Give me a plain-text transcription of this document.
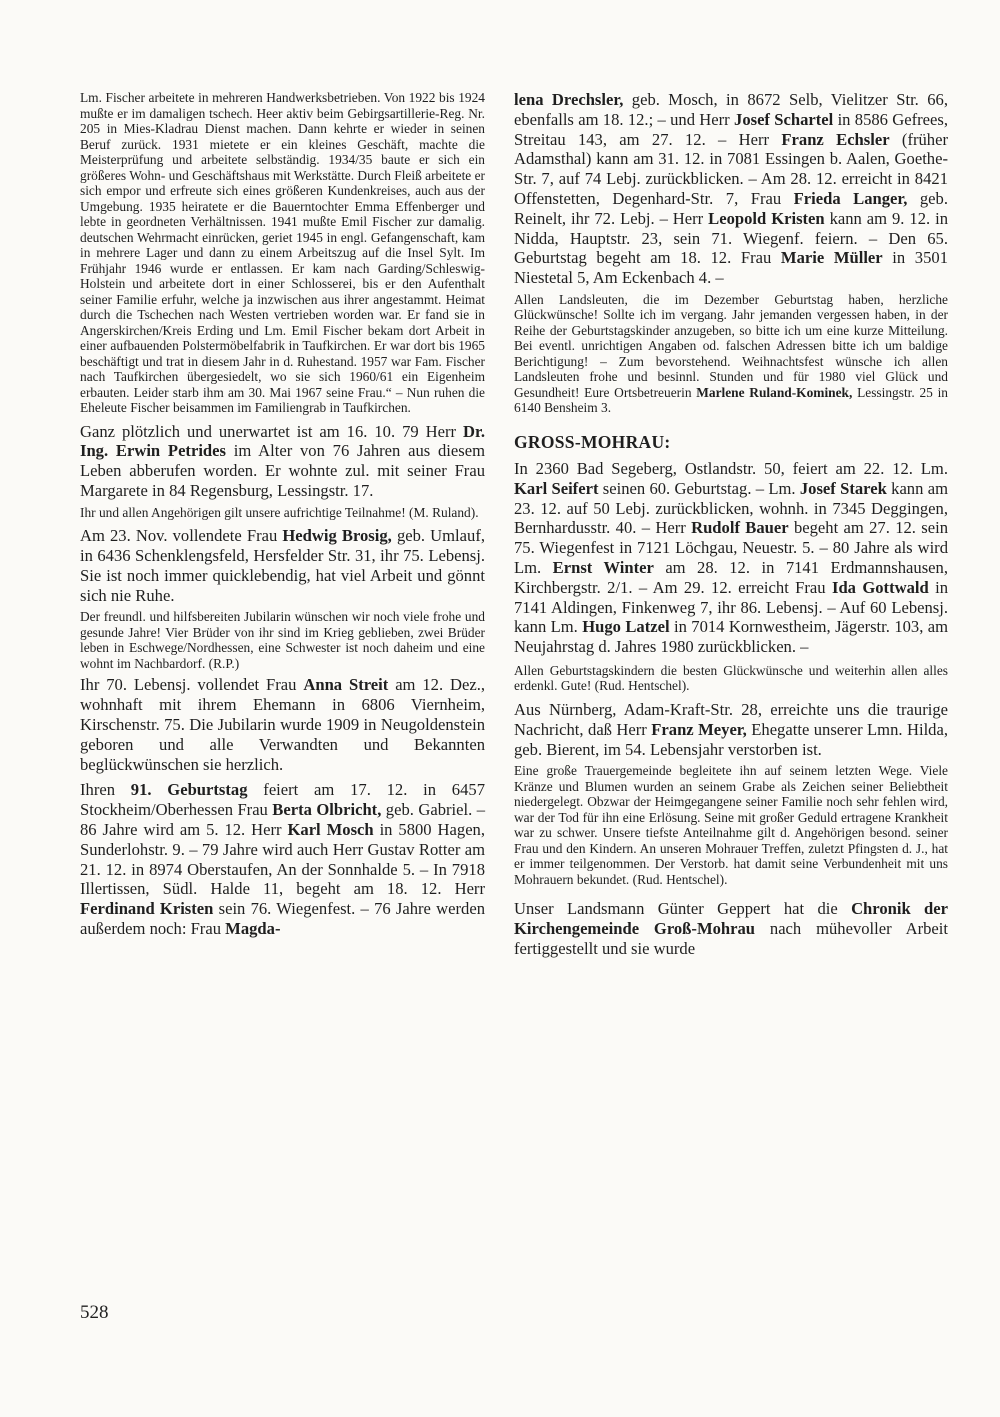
Lm. Fischer arbeitete in mehreren Handwerksbetrieben. Von 1922 bis 1924 mußte er im damaligen tschech. Heer aktiv beim Gebirgsartillerie-Reg. Nr. 205 in Mies-Kladrau Dienst machen. Dann kehrte er wieder in seinen Beruf zurück. 1931 mietete er ein kleines Geschäft, machte die Meisterprüfung und arbeitete selbständig. 1934/35 baute er sich ein größeres Wohn- und Geschäftshaus mit Werkstätte. Durch Fleiß arbeitete er sich empor und erfreute sich eines größeren Kundenkreises, auch aus der Umgebung. 1935 heiratete er die Bauerntochter Emma Effenberger und lebte in geordneten Verhältnissen. 1941 mußte Emil Fischer zur damalig. deutschen Wehrmacht einrücken, geriet 1945 in engl. Gefangenschaft, kam in mehrere Lager und dann zu einem Arbeitszug auf die Insel Sylt. Im Frühjahr 1946 wurde er entlassen. Er kam nach Garding/Schleswig-Holstein und arbeitete dort in einer Schlosserei, bis er den Aufenthalt seiner Familie erfuhr, welche ja inzwischen aus ihrer angestammt. Heimat durch die Tschechen nach Westen vertrieben worden war. Er fand sie in Angerskirchen/Kreis Erding und Lm. Emil Fischer bekam dort Arbeit in einer aufbauenden Polstermöbelfabrik in Taufkirchen. Er war dort bis 1965 beschäftigt und trat in diesem Jahr in d. Ruhestand. 1957 war Fam. Fischer nach Taufkirchen übergesiedelt, wo sie sich 1960/61 ein Eigenheim erbauten. Leider starb ihm am 30. Mai 1967 seine Frau.“ – Nun ruhen die Eheleute Fischer beisammen im Familiengrab in Taufkirchen.

Ganz plötzlich und unerwartet ist am 16. 10. 79 Herr Dr. Ing. Erwin Petrides im Alter von 76 Jahren aus diesem Leben abberufen worden. Er wohnte zul. mit seiner Frau Margarete in 84 Regensburg, Lessingstr. 17.

Ihr und allen Angehörigen gilt unsere aufrichtige Teilnahme! (M. Ruland).

Am 23. Nov. vollendete Frau Hedwig Brosig, geb. Umlauf, in 6436 Schenklengsfeld, Hersfelder Str. 31, ihr 75. Lebensj. Sie ist noch immer quicklebendig, hat viel Arbeit und gönnt sich nie Ruhe.

Der freundl. und hilfsbereiten Jubilarin wünschen wir noch viele frohe und gesunde Jahre! Vier Brüder von ihr sind im Krieg geblieben, zwei Brüder leben in Eschwege/Nordhessen, eine Schwester ist noch daheim und eine wohnt im Nachbardorf. (R.P.)

Ihr 70. Lebensj. vollendet Frau Anna Streit am 12. Dez., wohnhaft mit ihrem Ehemann in 6806 Viernheim, Kirschenstr. 75. Die Jubilarin wurde 1909 in Neugoldenstein geboren und alle Verwandten und Bekannten beglückwünschen sie herzlich.

Ihren 91. Geburtstag feiert am 17. 12. in 6457 Stockheim/Oberhessen Frau Berta Olbricht, geb. Gabriel. – 86 Jahre wird am 5. 12. Herr Karl Mosch in 5800 Hagen, Sunderlohstr. 9. – 79 Jahre wird auch Herr Gustav Rotter am 21. 12. in 8974 Oberstaufen, An der Sonnhalde 5. – In 7918 Illertissen, Südl. Halde 11, begeht am 18. 12. Herr Ferdinand Kristen sein 76. Wiegenfest. – 76 Jahre werden außerdem noch: Frau Magda-

lena Drechsler, geb. Mosch, in 8672 Selb, Vielitzer Str. 66, ebenfalls am 18. 12.; – und Herr Josef Schartel in 8586 Gefrees, Streitau 143, am 27. 12. – Herr Franz Echsler (früher Adamsthal) kann am 31. 12. in 7081 Essingen b. Aalen, Goethe-Str. 7, auf 74 Lebj. zurückblicken. – Am 28. 12. erreicht in 8421 Offenstetten, Degenhard-Str. 7, Frau Frieda Langer, geb. Reinelt, ihr 72. Lebj. – Herr Leopold Kristen kann am 9. 12. in Nidda, Hauptstr. 23, sein 71. Wiegenf. feiern. – Den 65. Geburtstag begeht am 18. 12. Frau Marie Müller in 3501 Niestetal 5, Am Eckenbach 4. –

Allen Landsleuten, die im Dezember Geburtstag haben, herzliche Glückwünsche! Sollte ich im vergang. Jahr jemanden vergessen haben, in der Reihe der Geburtstagskinder anzugeben, so bitte ich um eine kurze Mitteilung. Bei eventl. unrichtigen Angaben od. falschen Adressen bitte ich um baldige Berichtigung! – Zum bevorstehend. Weihnachtsfest wünsche ich allen Landsleuten frohe und besinnl. Stunden und für 1980 viel Glück und Gesundheit! Eure Ortsbetreuerin Marlene Ruland-Kominek, Lessingstr. 25 in 6140 Bensheim 3.

GROSS-MOHRAU:

In 2360 Bad Segeberg, Ostlandstr. 50, feiert am 22. 12. Lm. Karl Seifert seinen 60. Geburtstag. – Lm. Josef Starek kann am 23. 12. auf 50 Lebj. zurückblicken, wohnh. in 7345 Deggingen, Bernhardusstr. 40. – Herr Rudolf Bauer begeht am 27. 12. sein 75. Wiegenfest in 7121 Löchgau, Neuestr. 5. – 80 Jahre als wird Lm. Ernst Winter am 28. 12. in 7141 Erdmannshausen, Kirchbergstr. 2/1. – Am 29. 12. erreicht Frau Ida Gottwald in 7141 Aldingen, Finkenweg 7, ihr 86. Lebensj. – Auf 60 Lebensj. kann Lm. Hugo Latzel in 7014 Kornwestheim, Jägerstr. 103, am Neujahrstag d. Jahres 1980 zurückblicken. –

Allen Geburtstagskindern die besten Glückwünsche und weiterhin allen alles erdenkl. Gute! (Rud. Hentschel).

Aus Nürnberg, Adam-Kraft-Str. 28, erreichte uns die traurige Nachricht, daß Herr Franz Meyer, Ehegatte unserer Lmn. Hilda, geb. Bierent, im 54. Lebensjahr verstorben ist.

Eine große Trauergemeinde begleitete ihn auf seinem letzten Wege. Viele Kränze und Blumen wurden an seinem Grabe als Zeichen seiner Beliebtheit niedergelegt. Obzwar der Heimgegangene seiner Familie noch sehr fehlen wird, war der Tod für ihn eine Erlösung. Seine mit großer Geduld ertragene Krankheit war zu schwer. Unsere tiefste Anteilnahme gilt d. Angehörigen besond. seiner Frau und den Kindern. An unseren Mohrauer Treffen, zuletzt Pfingsten d. J., hat er immer teilgenommen. Der Verstorb. hat damit seine Verbundenheit mit uns Mohrauern bekundet. (Rud. Hentschel).

Unser Landsmann Günter Geppert hat die Chronik der Kirchengemeinde Groß-Mohrau nach mühevoller Arbeit fertiggestellt und sie wurde

528
